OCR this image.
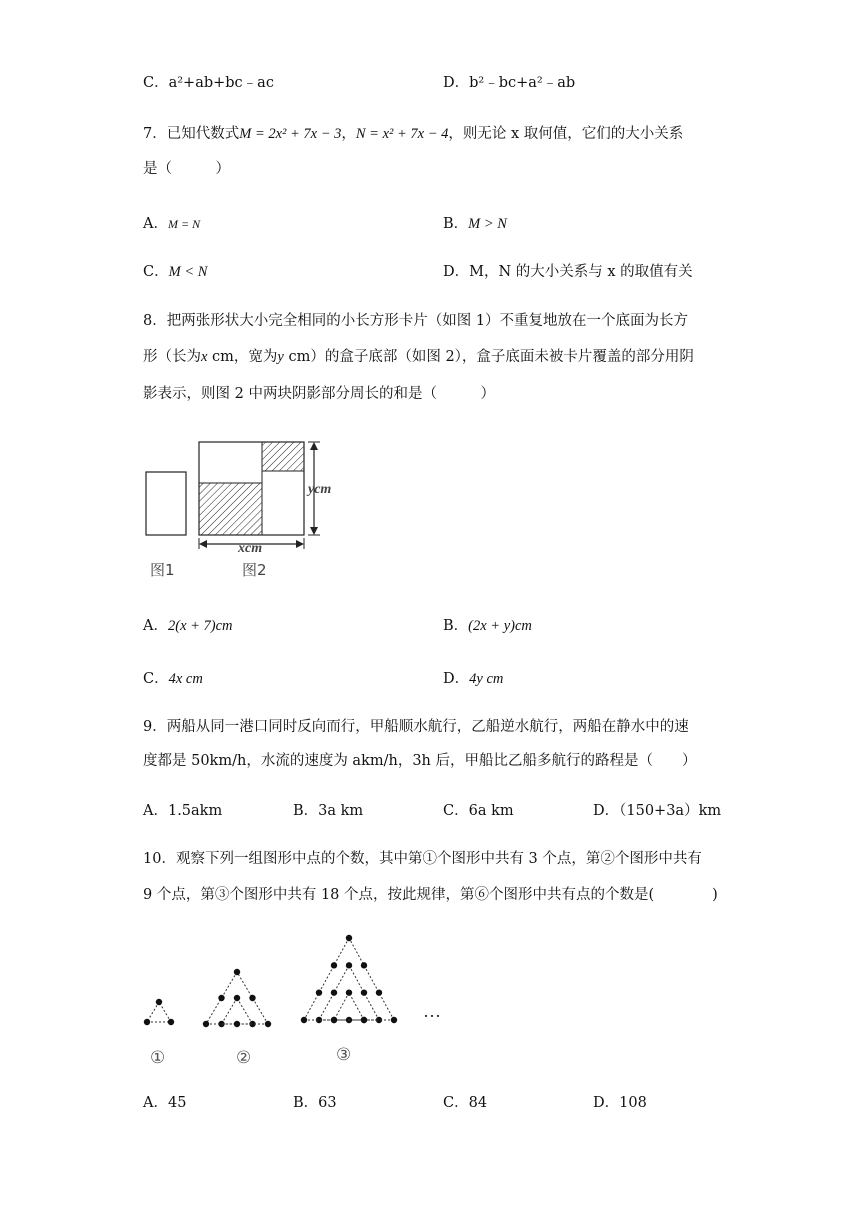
C．a²+ab+bc﹣ac	D．b²﹣bc+a²﹣ab
7．已知代数式M = 2x² + 7x − 3，N = x² + 7x − 4，则无论 x 取何值，它们的大小关系
是（　　　）
A．M = N	B．M > N
C．M < N	D．M，N 的大小关系与 x 的取值有关
8．把两张形状大小完全相同的小长方形卡片（如图 1）不重复地放在一个底面为长方
形（长为x cm，宽为y cm）的盒子底部（如图 2），盒子底面未被卡片覆盖的部分用阴
影表示，则图 2 中两块阴影部分周长的和是（　　　）
ycm
xcm
图1	图2
A．2(x + 7)cm	B．(2x + y)cm
C．4x cm	D．4y cm
9．两船从同一港口同时反向而行，甲船顺水航行，乙船逆水航行，两船在静水中的速
度都是 50km/h，水流的速度为 akm/h，3h 后，甲船比乙船多航行的路程是（　　）
A．1.5akm	B．3a km	C．6a km	D．（150+3a）km
10．观察下列一组图形中点的个数，其中第①个图形中共有 3 个点，第②个图形中共有
9 个点，第③个图形中共有 18 个点，按此规律，第⑥个图形中共有点的个数是(　　　　)
…
①	②	③
A．45	B．63	C．84	D．108
